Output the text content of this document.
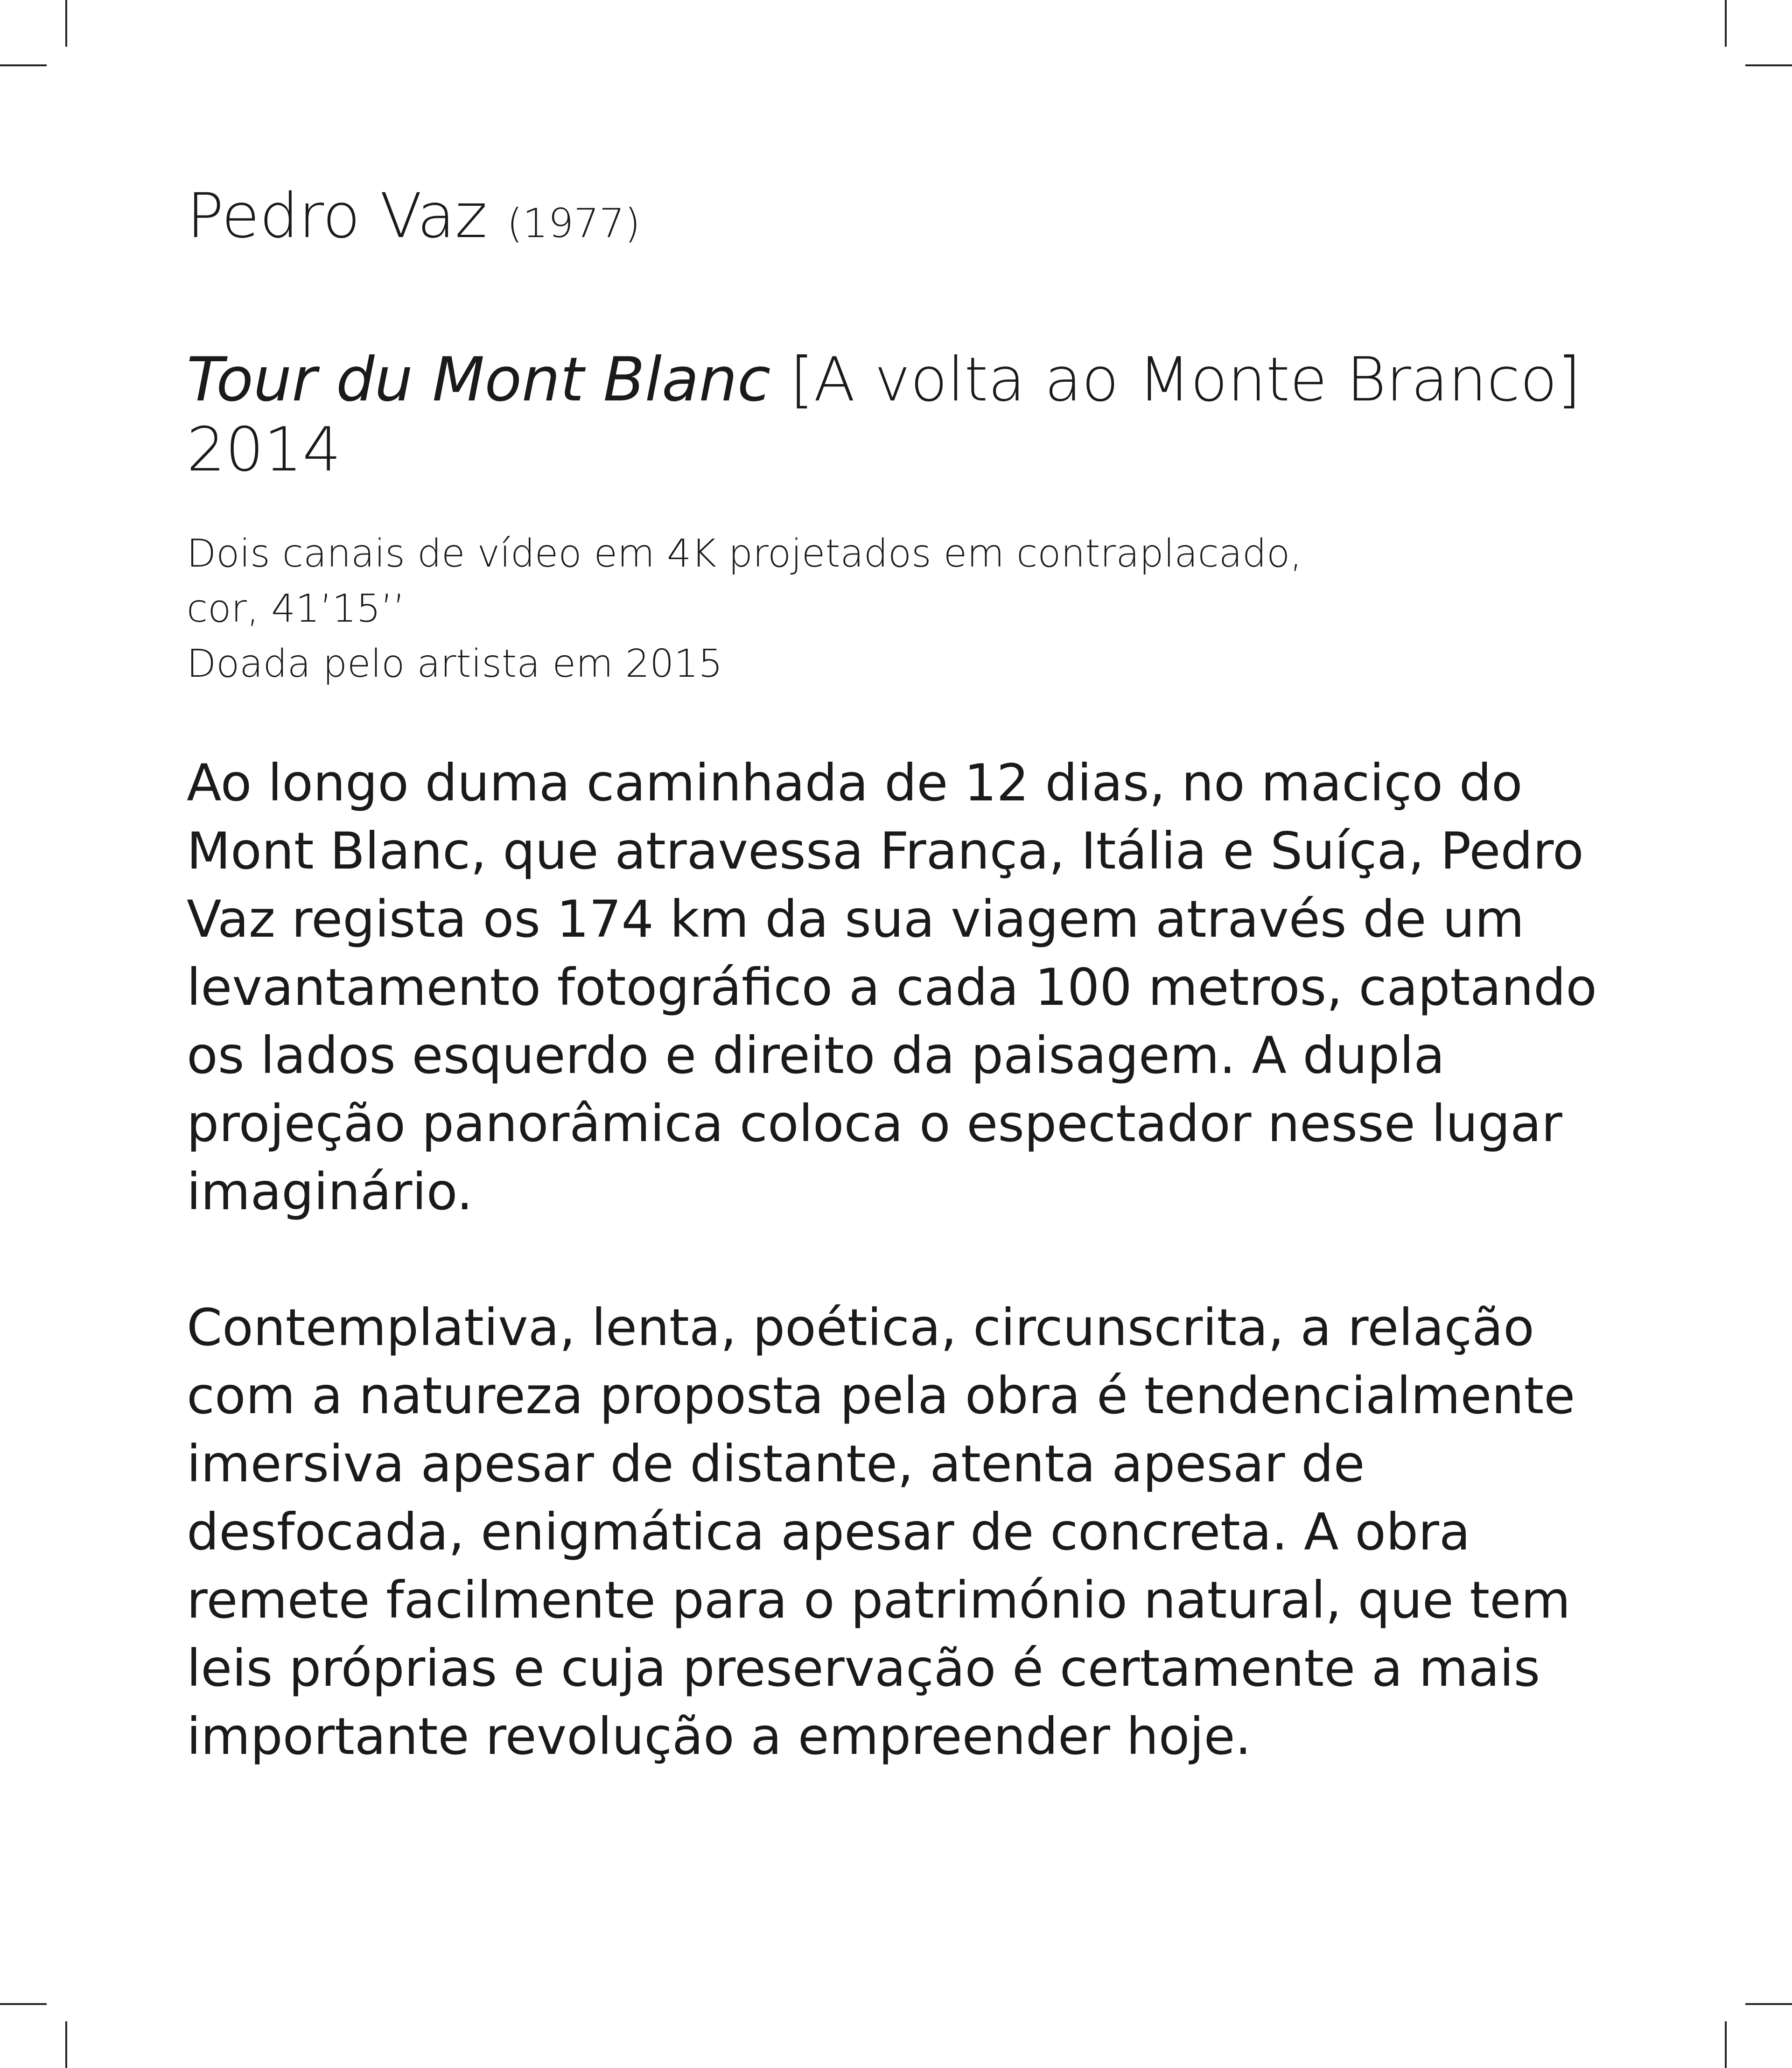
Pedro Vaz (1977)
Tour du Mont Blanc [A volta ao Monte Branco]
2014
Dois canais de vídeo em 4K projetados em contraplacado,
cor, 41’15’’
Doada pelo artista em 2015
Ao longo duma caminhada de 12 dias, no maciço do
Mont Blanc, que atravessa França, Itália e Suíça, Pedro
Vaz regista os 174 km da sua viagem através de um
levantamento fotográfico a cada 100 metros, captando
os lados esquerdo e direito da paisagem. A dupla
projeção panorâmica coloca o espectador nesse lugar
imaginário.
Contemplativa, lenta, poética, circunscrita, a relação
com a natureza proposta pela obra é tendencialmente
imersiva apesar de distante, atenta apesar de
desfocada, enigmática apesar de concreta. A obra
remete facilmente para o património natural, que tem
leis próprias e cuja preservação é certamente a mais
importante revolução a empreender hoje.
